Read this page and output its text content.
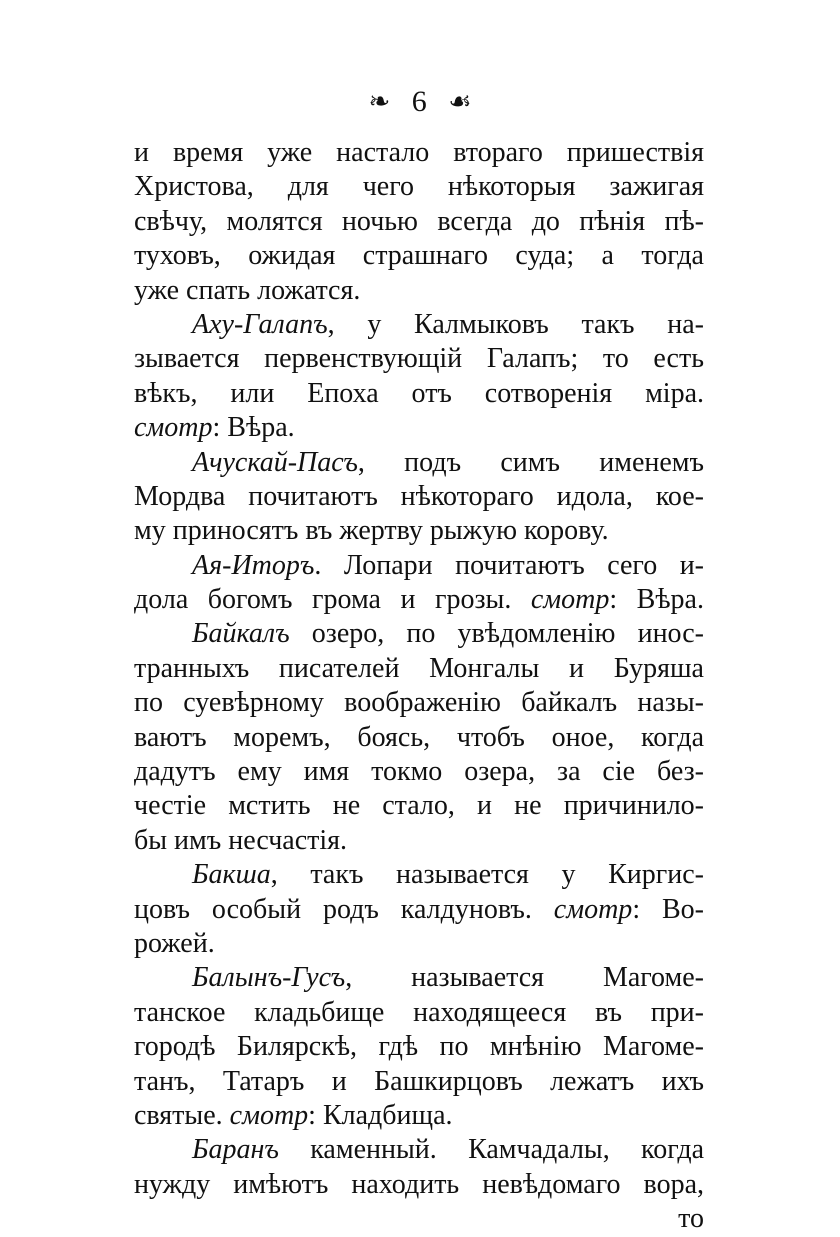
❧ 6 ☙
и время уже настало втораго пришествія
Христова, для чего нѣкоторыя зажигая
свѣчу, молятся ночью всегда до пѣнія пѣ-
туховъ, ожидая страшнаго суда; а тогда
уже спать ложатся.
Аху-Галапъ, у Калмыковъ такъ на-
зывается первенствующій Галапъ; то есть
вѣкъ, или Епоха отъ сотворенія міра.
смотр: Вѣра.
Ачускай-Пасъ, подъ симъ именемъ
Мордва почитаютъ нѣкотораго идола, кое-
му приносятъ въ жертву рыжую корову.
Ая-Иторъ. Лопари почитаютъ сего и-
дола богомъ грома и грозы. смотр: Вѣра.
Байкалъ озеро, по увѣдомленію инос-
транныхъ писателей Монгалы и Буряша
по суевѣрному воображенію байкалъ назы-
ваютъ моремъ, боясь, чтобъ оное, когда
дадутъ ему имя токмо озера, за сіе без-
честіе мстить не стало, и не причинило-
бы имъ несчастія.
Бакша, такъ называется у Киргис-
цовъ особый родъ калдуновъ. смотр: Во-
рожей.
Балынъ-Гусъ, называется Магоме-
танское кладьбище находящееся въ при-
городѣ Билярскѣ, гдѣ по мнѣнію Магоме-
танъ, Татаръ и Башкирцовъ лежатъ ихъ
святые. смотр: Кладбища.
Баранъ каменный. Камчадалы, когда
нужду имѣютъ находить невѣдомаго вора,
то
